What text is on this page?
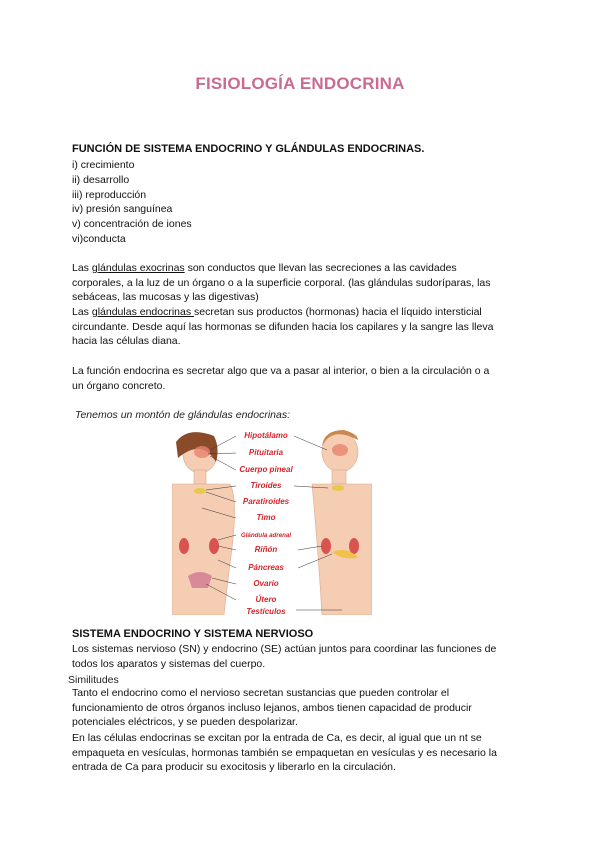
FISIOLOGÍA ENDOCRINA
FUNCIÓN DE SISTEMA ENDOCRINO Y GLÁNDULAS ENDOCRINAS.
i) crecimiento
ii) desarrollo
iii) reproducción
iv) presión sanguínea
v) concentración de iones
vi)conducta
Las glándulas exocrinas son conductos que llevan las secreciones a las cavidades
corporales, a la luz de un órgano o a la superficie corporal. (las glándulas sudoríparas, las
sebáceas, las mucosas y las digestivas)
Las glándulas endocrinas secretan sus productos (hormonas) hacia el líquido intersticial
circundante. Desde aquí las hormonas se difunden hacia los capilares y la sangre las lleva
hacia las células diana.
La función endocrina es secretar algo que va a pasar al interior, o bien a la circulación o a
un órgano concreto.
Tenemos un montón de glándulas endocrinas:
Hipotálamo
Pituitaria
Cuerpo pineal
Tiroides
Paratiroides
Timo
Glándula adrenal
Riñón
Páncreas
Ovario
Útero
Testículos
SISTEMA ENDOCRINO Y SISTEMA NERVIOSO
Los sistemas nervioso (SN) y endocrino (SE) actúan juntos para coordinar las funciones de
todos los aparatos y sistemas del cuerpo.
Similitudes
Tanto el endocrino como el nervioso secretan sustancias que pueden controlar el
funcionamiento de otros órganos incluso lejanos, ambos tienen capacidad de producir
potenciales eléctricos, y se pueden despolarizar.
En las células endocrinas se excitan por la entrada de Ca, es decir, al igual que un nt se
empaqueta en vesículas, hormonas también se empaquetan en vesículas y es necesario la
entrada de Ca para producir su exocitosis y liberarlo en la circulación.
